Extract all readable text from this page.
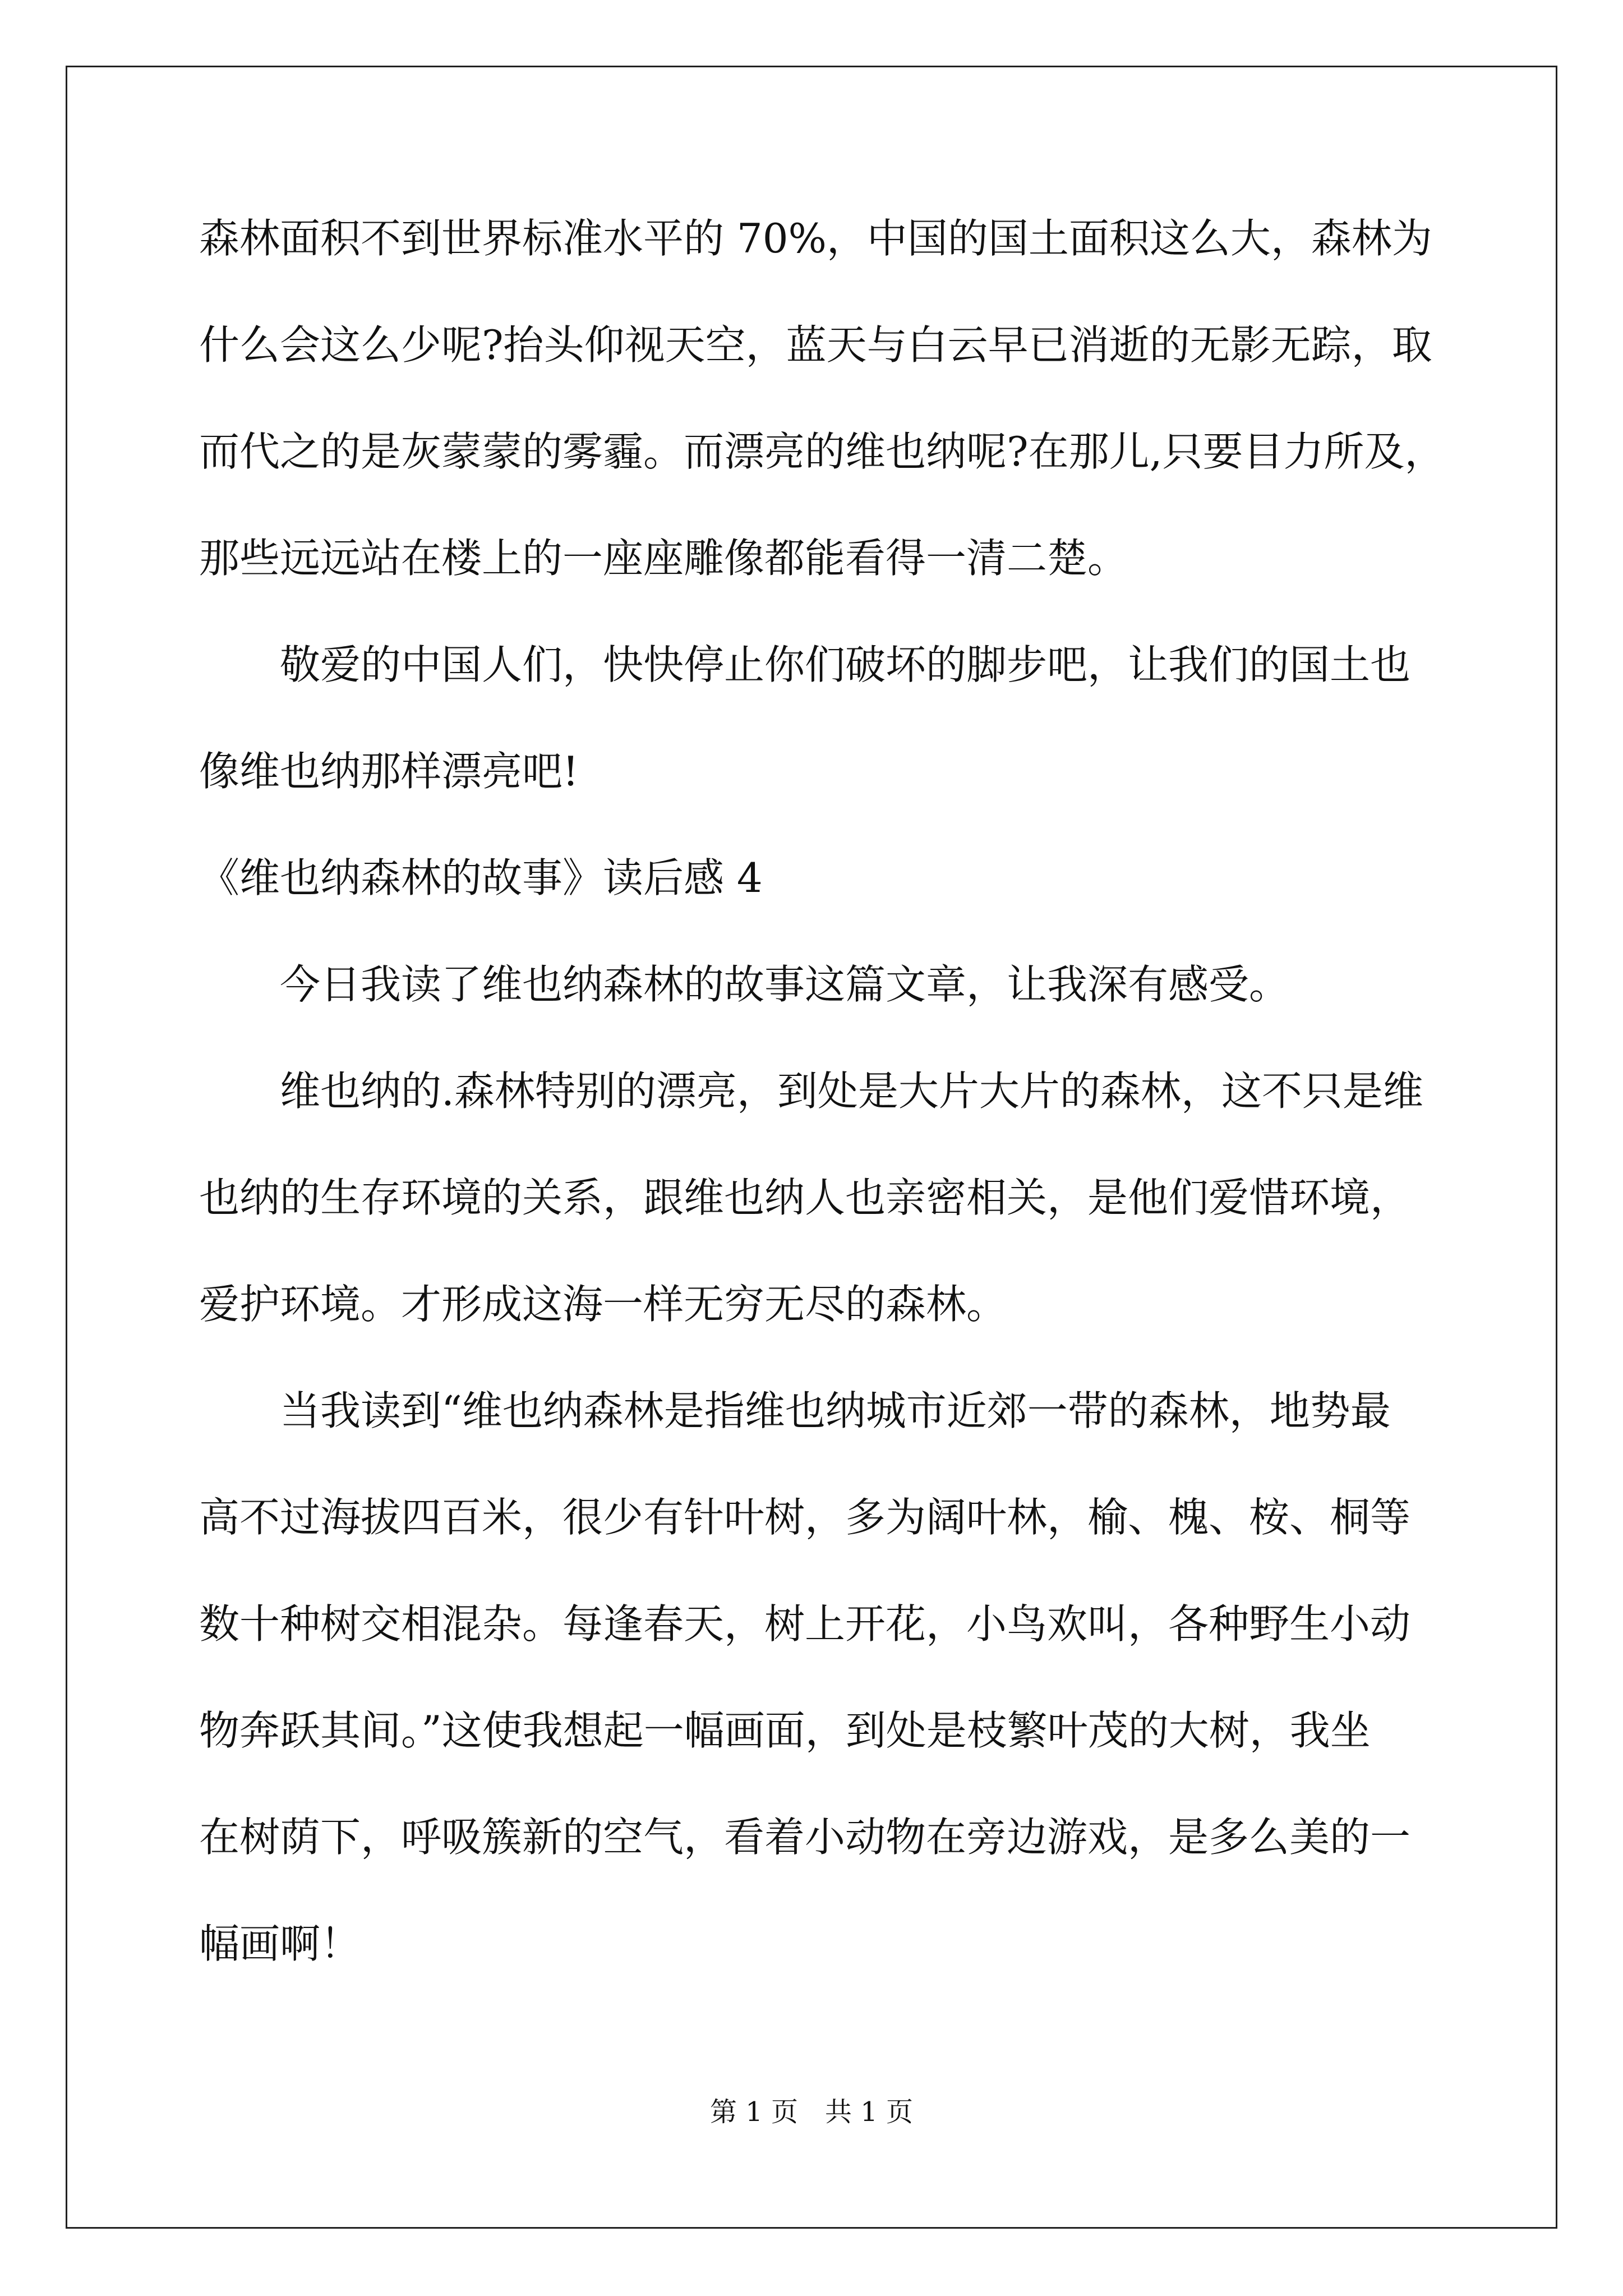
森林面积不到世界标准水平的 70%，中国的国土面积这么大，森林为
什么会这么少呢?抬头仰视天空，蓝天与白云早已消逝的无影无踪，取
而代之的是灰蒙蒙的雾霾。而漂亮的维也纳呢?在那儿,只要目力所及，
那些远远站在楼上的一座座雕像都能看得一清二楚。
敬爱的中国人们，快快停止你们破坏的脚步吧，让我们的国土也
像维也纳那样漂亮吧!
《维也纳森林的故事》读后感 4
今日我读了维也纳森林的故事这篇文章，让我深有感受。
维也纳的.森林特别的漂亮，到处是大片大片的森林，这不只是维
也纳的生存环境的关系，跟维也纳人也亲密相关，是他们爱惜环境，
爱护环境。才形成这海一样无穷无尽的森林。
当我读到“维也纳森林是指维也纳城市近郊一带的森林，地势最
高不过海拔四百米，很少有针叶树，多为阔叶林，榆、槐、桉、桐等
数十种树交相混杂。每逢春天，树上开花，小鸟欢叫，各种野生小动
物奔跃其间。”这使我想起一幅画面，到处是枝繁叶茂的大树，我坐
在树荫下，呼吸簇新的空气，看着小动物在旁边游戏，是多么美的一
幅画啊！
第 1 页　共 1 页
